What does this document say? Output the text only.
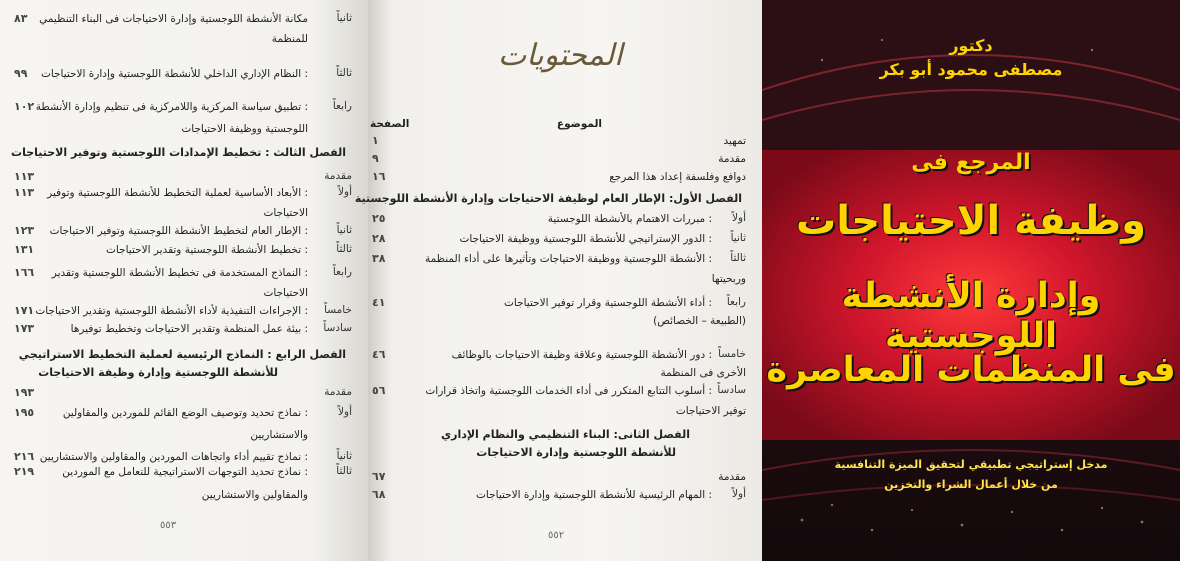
ثانياً
مكانة الأنشطة اللوجستية وإدارة الاحتياجات فى البناء التنظيمي
٨٣
للمنظمة
ثالثاً
: النظام الإداري الداخلي للأنشطة اللوجستية وإدارة الاحتياجات
٩٩
رابعاً
: تطبيق سياسة المركزية واللامركزية فى تنظيم وإدارة الأنشطة
١٠٢
اللوجستية ووظيفة الاحتياجات
مقدمة
١١٣
أولاً
: الأبعاد الأساسية لعملية التخطيط للأنشطة اللوجستية وتوفير
١١٣
الاحتياجات
ثانياً
: الإطار العام لتخطيط الأنشطة اللوجستية وتوفير الاحتياجات
١٢٣
ثالثاً
: تخطيط الأنشطة اللوجستية وتقدير الاحتياجات
١٣١
رابعاً
: النماذج المستخدمة فى تخطيط الأنشطة اللوجستية وتقدير
١٦٦
الاحتياجات
خامساً
: الإجراءات التنفيذية لأداء الأنشطة اللوجستية وتقدير الاحتياجات
١٧١
سادساً
: بيئة عمل المنظمة وتقدير الاحتياجات وتخطيط توفيرها
١٧٣
مقدمة
١٩٣
أولاً
: نماذج تحديد وتوصيف الوضع القائم للموردين والمقاولين
١٩٥
والاستشاريين
ثانياً
: نماذج تقييم أداء واتجاهات الموردين والمقاولين والاستشاريين
٢١٦
ثالثاً
: نماذج تحديد التوجهات الاستراتيجية للتعامل مع الموردين
٢١٩
والمقاولين والاستشاريين
الفصل الثالث : تخطيط الإمدادات اللوجستية وتوفير الاحتياجات
الفصل الرابع : النماذج الرئيسية لعملية التخطيط الاستراتيجي
للأنشطة اللوجستية وإدارة وظيفة الاحتياجات
٥٥٣
المحتويات
الموضوع
الصفحة
تمهيد
١
مقدمة
٩
دوافع وفلسفة إعداد هذا المرجع
١٦
أولاً
: مبررات الاهتمام بالأنشطة اللوجستية
٢٥
ثانياً
: الدور الإستراتيجي للأنشطة اللوجستية ووظيفة الاحتياجات
٢٨
ثالثاً
: الأنشطة اللوجستية ووظيفة الاحتياجات وتأثيرها على أداء المنظمة
٣٨
وربحيتها
رابعاً
: أداء الأنشطة اللوجستية وقرار توفير الاحتياجات
٤١
(الطبيعة – الخصائص)
خامساً
: دور الأنشطة اللوجستية وعلاقة وظيفة الاحتياجات بالوظائف
٤٦
الأخرى فى المنظمة
سادساً
: أسلوب التتابع المتكرر فى أداء الخدمات اللوجستية واتخاذ قرارات
٥٦
توفير الاحتياجات
مقدمة
٦٧
أولاً
: المهام الرئيسية للأنشطة اللوجستية وإدارة الاحتياجات
٦٨
الفصل الأول: الإطار العام لوظيفة الاحتياجات وإدارة الأنشطة اللوجستية
الفصل الثانى: البناء التنظيمي والنظام الإداري
للأنشطة اللوجستية وإدارة الاحتياجات
٥٥٢
دكتور
مصطفى محمود أبو بكر
المرجع فى
وظيفة الاحتياجات
وإدارة الأنشطة اللوجستية
فى المنظمات المعاصرة
مدخل إستراتيجي تطبيقي لتحقيق الميزة التنافسية
من خلال أعمال الشراء والتخزين
